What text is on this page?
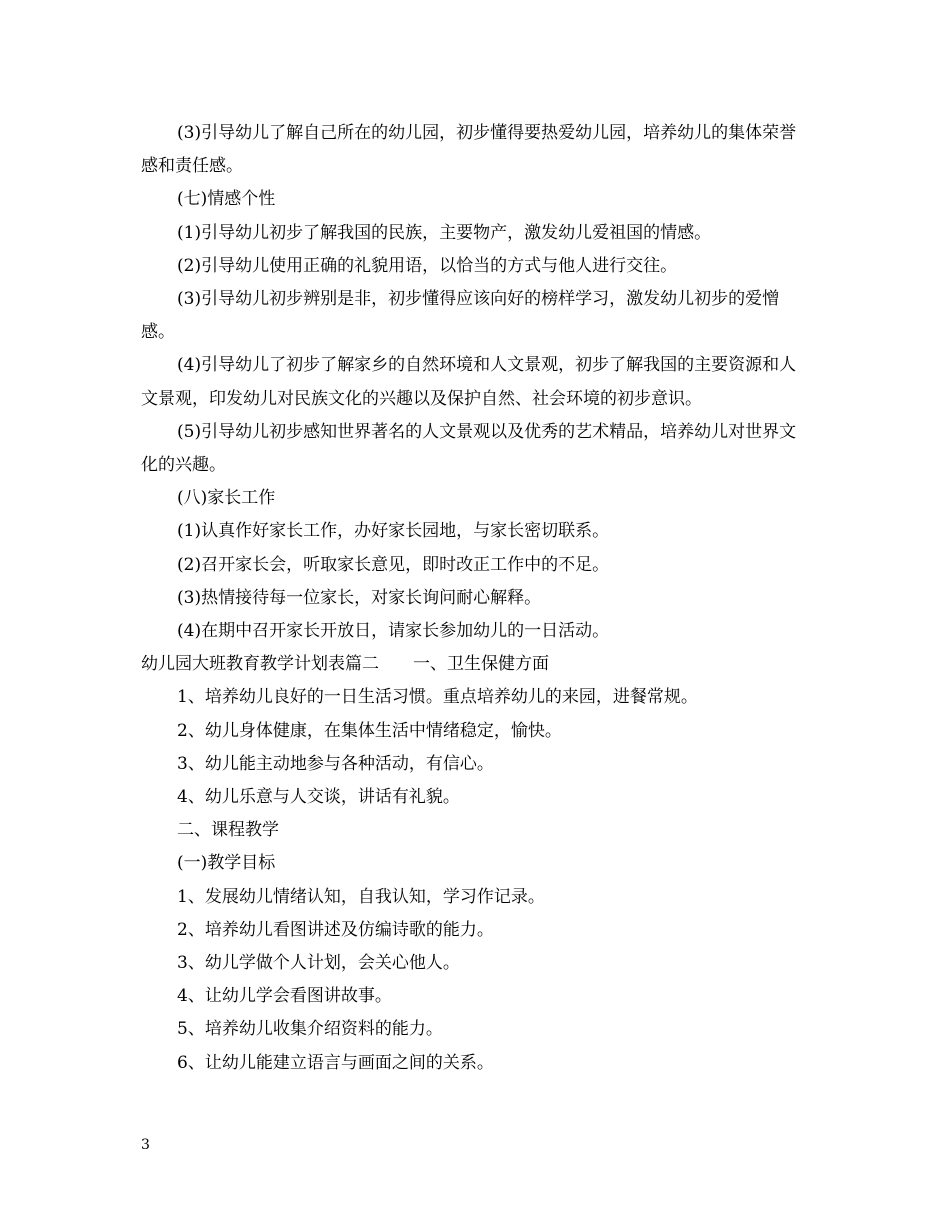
(3)引导幼儿了解自己所在的幼儿园，初步懂得要热爱幼儿园，培养幼儿的集体荣誉感和责任感。

(七)情感个性

(1)引导幼儿初步了解我国的民族，主要物产，激发幼儿爱祖国的情感。

(2)引导幼儿使用正确的礼貌用语，以恰当的方式与他人进行交往。

(3)引导幼儿初步辨别是非，初步懂得应该向好的榜样学习，激发幼儿初步的爱憎感。

(4)引导幼儿了初步了解家乡的自然环境和人文景观，初步了解我国的主要资源和人文景观，印发幼儿对民族文化的兴趣以及保护自然、社会环境的初步意识。

(5)引导幼儿初步感知世界著名的人文景观以及优秀的艺术精品，培养幼儿对世界文化的兴趣。

(八)家长工作

(1)认真作好家长工作，办好家长园地，与家长密切联系。

(2)召开家长会，听取家长意见，即时改正工作中的不足。

(3)热情接待每一位家长，对家长询问耐心解释。

(4)在期中召开家长开放日，请家长参加幼儿的一日活动。

幼儿园大班教育教学计划表篇二　　一、卫生保健方面

1、培养幼儿良好的一日生活习惯。重点培养幼儿的来园，进餐常规。

2、幼儿身体健康，在集体生活中情绪稳定，愉快。

3、幼儿能主动地参与各种活动，有信心。

4、幼儿乐意与人交谈，讲话有礼貌。

二、课程教学

(一)教学目标

1、发展幼儿情绪认知，自我认知，学习作记录。

2、培养幼儿看图讲述及仿编诗歌的能力。

3、幼儿学做个人计划，会关心他人。

4、让幼儿学会看图讲故事。

5、培养幼儿收集介绍资料的能力。

6、让幼儿能建立语言与画面之间的关系。

3
